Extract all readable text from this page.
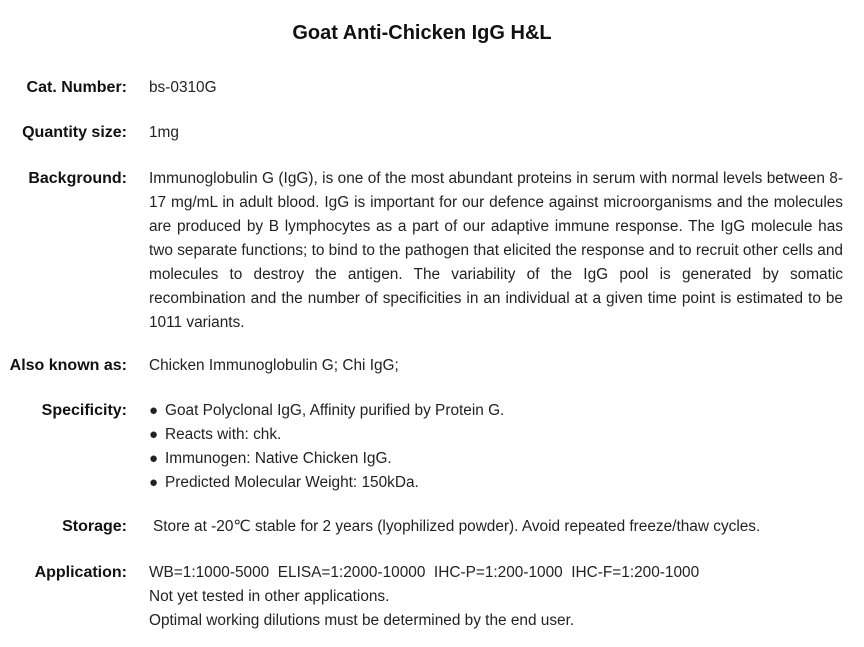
Goat Anti-Chicken IgG H&L
Cat. Number: bs-0310G
Quantity size: 1mg
Background: Immunoglobulin G (IgG), is one of the most abundant proteins in serum with normal levels between 8-17 mg/mL in adult blood. IgG is important for our defence against microorganisms and the molecules are produced by B lymphocytes as a part of our adaptive immune response. The IgG molecule has two separate functions; to bind to the pathogen that elicited the response and to recruit other cells and molecules to destroy the antigen. The variability of the IgG pool is generated by somatic recombination and the number of specificities in an individual at a given time point is estimated to be 1011 variants.
Also known as: Chicken Immunoglobulin G; Chi IgG;
Specificity: ● Goat Polyclonal IgG, Affinity purified by Protein G.
● Reacts with: chk.
● Immunogen: Native Chicken IgG.
● Predicted Molecular Weight: 150kDa.
Storage: Store at -20℃ stable for 2 years (lyophilized powder). Avoid repeated freeze/thaw cycles.
Application: WB=1:1000-5000  ELISA=1:2000-10000  IHC-P=1:200-1000  IHC-F=1:200-1000
Not yet tested in other applications.
Optimal working dilutions must be determined by the end user.
